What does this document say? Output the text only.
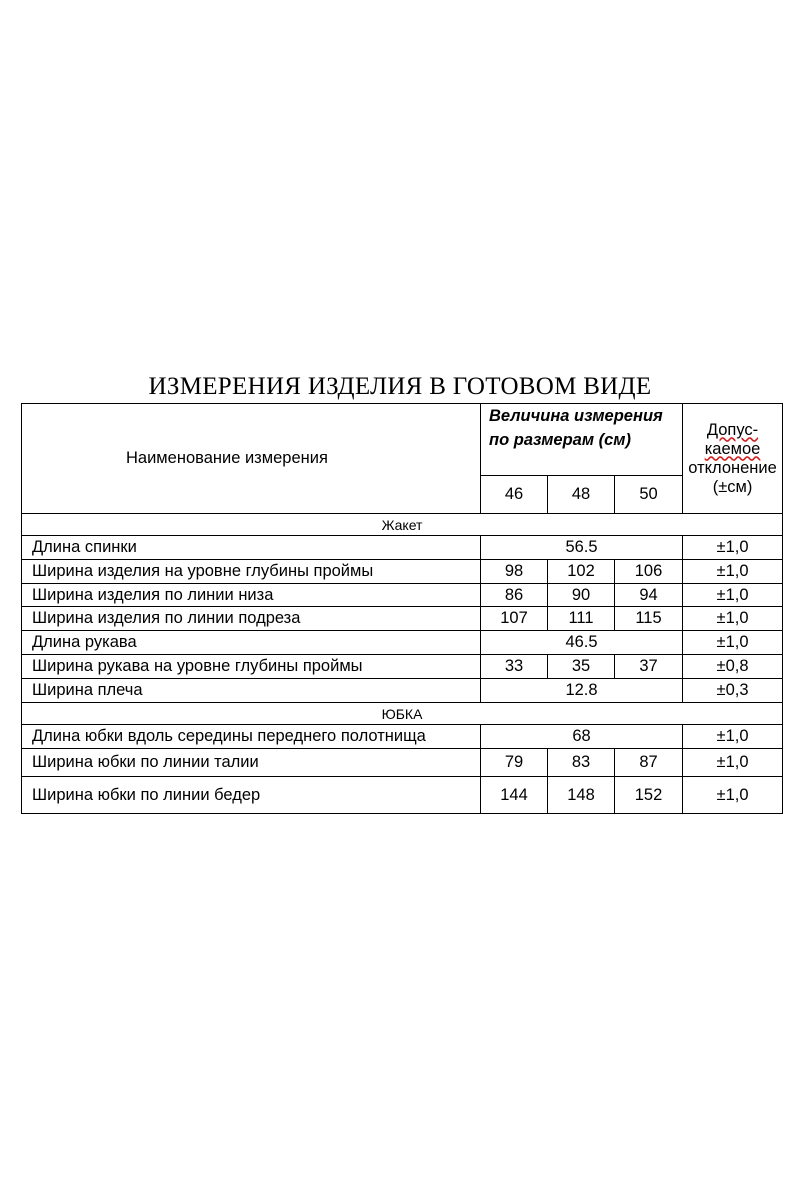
ИЗМЕРЕНИЯ ИЗДЕЛИЯ В ГОТОВОМ ВИДЕ
Наименование измерения	Величина измерения по размерам (см)			Допус-
каемое
отклонение
(±см)
	46	48	50	
Жакет				
Длина спинки	56.5			±1,0
Ширина изделия на уровне глубины проймы	98	102	106	±1,0
Ширина изделия по линии низа	86	90	94	±1,0
Ширина изделия по линии подреза	107	111	115	±1,0
Длина рукава	46.5			±1,0
Ширина рукава на уровне глубины проймы	33	35	37	±0,8
Ширина плеча	12.8			±0,3
ЮБКА				
Длина юбки вдоль середины переднего полотнища	68			±1,0
Ширина юбки по линии талии	79	83	87	±1,0
Ширина юбки по линии бедер	144	148	152	±1,0
